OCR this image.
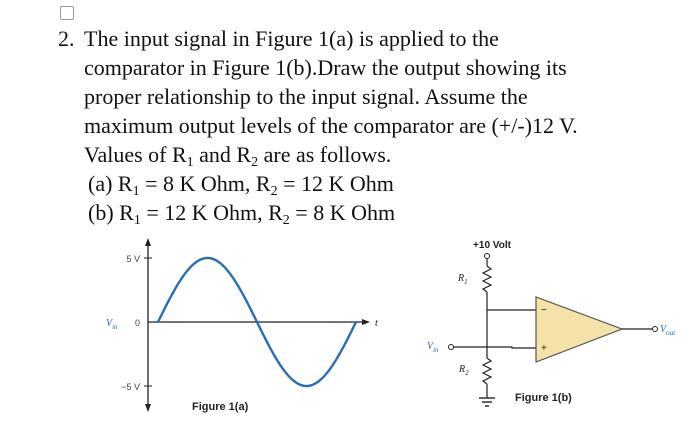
2. The input signal in Figure 1(a) is applied to the
comparator in Figure 1(b).Draw the output showing its
proper relationship to the input signal. Assume the
maximum output levels of the comparator are (+/-)12 V.
Values of $R_1$ and $R_2$ are as follows.
(a) $R_1 = 8$ K Ohm, $R_2 = 12$ K Ohm
(b) $R_1 = 12$ K Ohm, $R_2 = 8$ K Ohm
5 V
0
−5 V
$V_{in}$	t
Figure 1(a)
+10 Volt
$R_1$
$R_2$
$V_{in}$
−
+
$V_{out}$
Figure 1(b)
